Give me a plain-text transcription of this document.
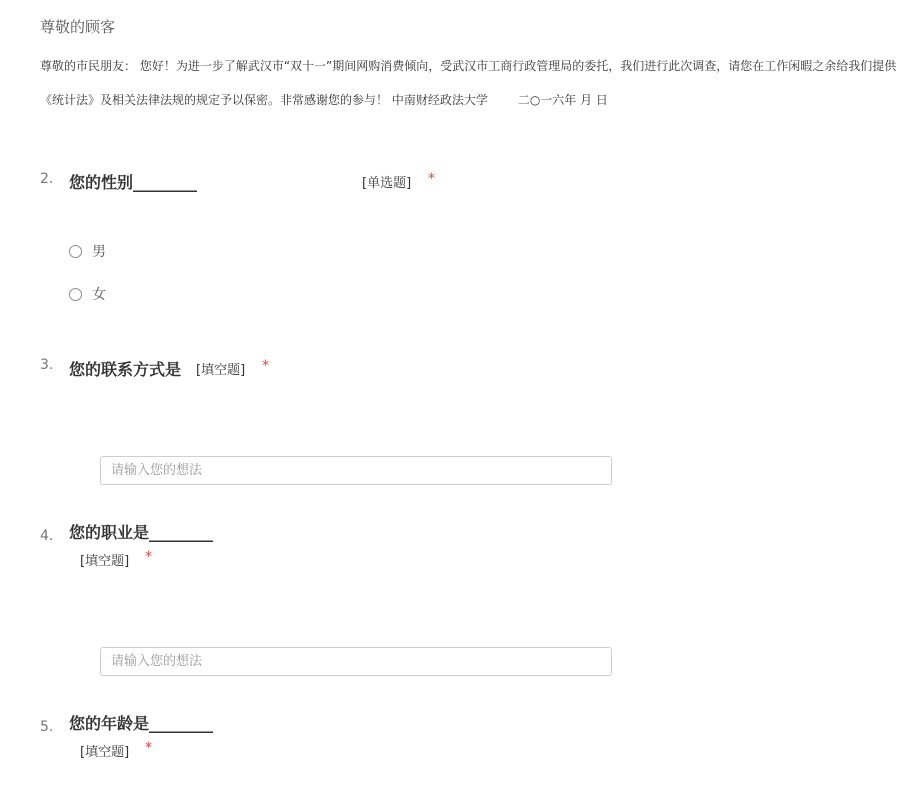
尊敬的顾客
尊敬的市民朋友： 您好！为进一步了解武汉市“双十一”期间网购消费倾向，受武汉市工商行政管理局的委托，我们进行此次调查，请您在工作闲暇之余给我们提供
《统计法》及相关法律法规的规定予以保密。非常感谢您的参与！ 中南财经政法大学	二○一六年 月 日
2. 您的性别________	[单选题] *
男
女
3. 您的联系方式是 [填空题] *
请输入您的想法
4. 您的职业是________
[填空题] *
请输入您的想法
5. 您的年龄是________
[填空题] *
